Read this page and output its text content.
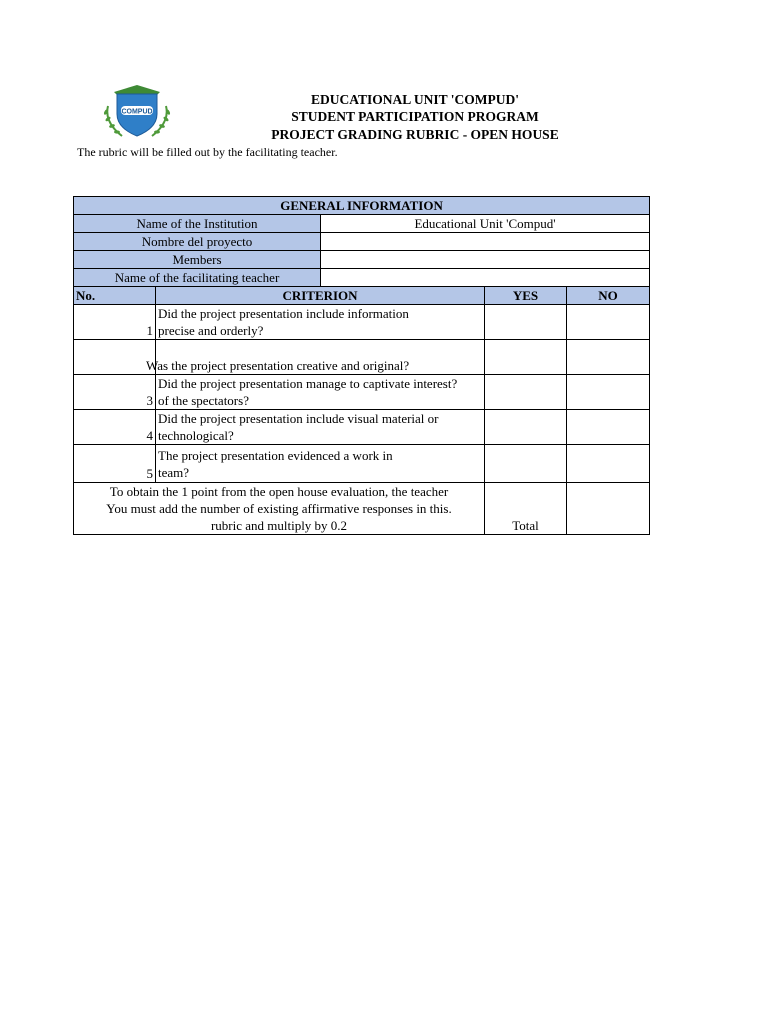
COMPUD
EDUCATIONAL UNIT 'COMPUD'
STUDENT PARTICIPATION PROGRAM
PROJECT GRADING RUBRIC - OPEN HOUSE
The rubric will be filled out by the facilitating teacher.
GENERAL INFORMATION
Name of the Institution	Educational Unit 'Compud'
Nombre del proyecto	
Members	
Name of the facilitating teacher	
No.	CRITERION	YES	NO
1	Did the project presentation include information
precise and orderly?

Was the project presentation creative and original?

3	Did the project presentation manage to captivate interest?
of the spectators?

4	Did the project presentation include visual material or
technological?

5	The project presentation evidenced a work in
team?

To obtain the 1 point from the open house evaluation, the teacher
You must add the number of existing affirmative responses in this.
rubric and multiply by 0.2	Total	
